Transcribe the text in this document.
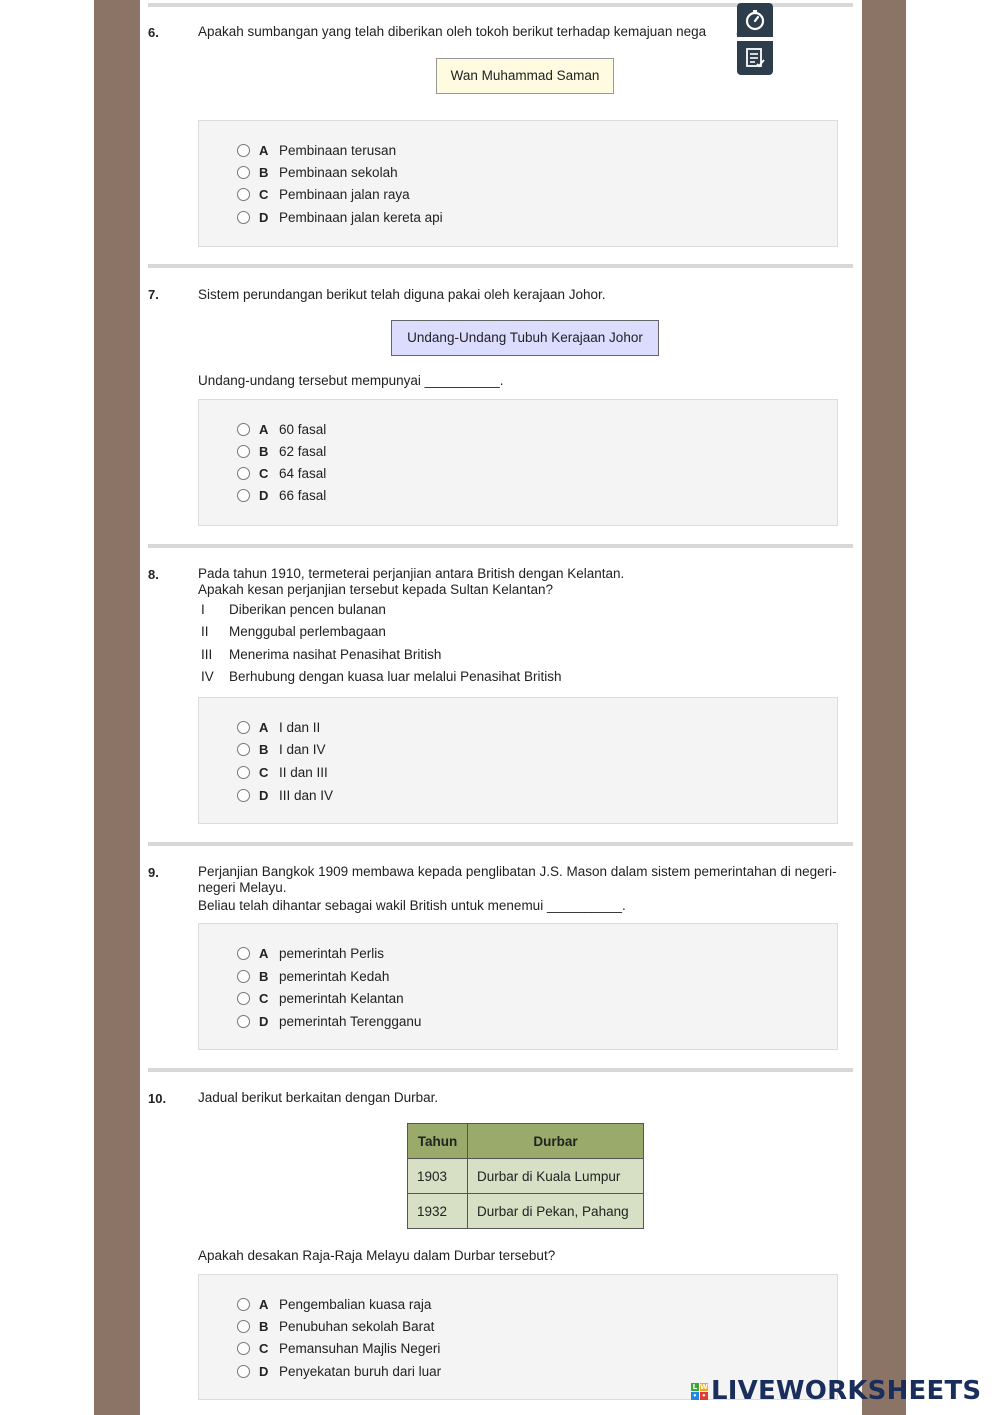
6.	Apakah sumbangan yang telah diberikan oleh tokoh berikut terhadap kemajuan nega
Wan Muhammad Saman
A Pembinaan terusan
B Pembinaan sekolah
C Pembinaan jalan raya
D Pembinaan jalan kereta api
7.	Sistem perundangan berikut telah diguna pakai oleh kerajaan Johor.
Undang-Undang Tubuh Kerajaan Johor
Undang-undang tersebut mempunyai __________.
A 60 fasal
B 62 fasal
C 64 fasal
D 66 fasal
8.	Pada tahun 1910, termeterai perjanjian antara British dengan Kelantan.
Apakah kesan perjanjian tersebut kepada Sultan Kelantan?
I Diberikan pencen bulanan
II Menggubal perlembagaan
III Menerima nasihat Penasihat British
IV Berhubung dengan kuasa luar melalui Penasihat British
A I dan II
B I dan IV
C II dan III
D III dan IV
9.	Perjanjian Bangkok 1909 membawa kepada penglibatan J.S. Mason dalam sistem pemerintahan di negeri-negeri Melayu.
Beliau telah dihantar sebagai wakil British untuk menemui __________.
A pemerintah Perlis
B pemerintah Kedah
C pemerintah Kelantan
D pemerintah Terengganu
10. Jadual berikut berkaitan dengan Durbar.
Tahun	Durbar
1903	Durbar di Kuala Lumpur
1932	Durbar di Pekan, Pahang
Apakah desakan Raja-Raja Melayu dalam Durbar tersebut?
A Pengembalian kuasa raja
B Penubuhan sekolah Barat
C Pemansuhan Majlis Negeri
D Penyekatan buruh dari luar
L W
• • LIVEWORKSHEETS
